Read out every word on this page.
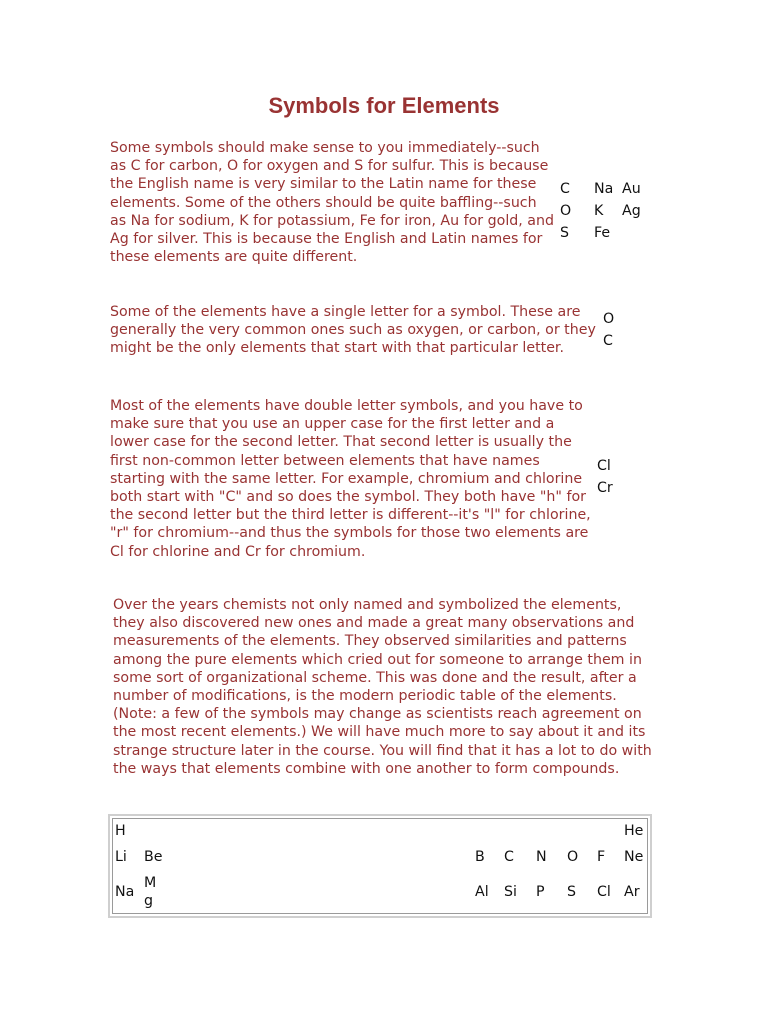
Symbols for Elements

Some symbols should make sense to you immediately--such as C for carbon, O for oxygen and S for sulfur. This is because the English name is very similar to the Latin name for these elements. Some of the others should be quite baffling--such as Na for sodium, K for potassium, Fe for iron, Au for gold, and Ag for silver. This is because the English and Latin names for these elements are quite different.

Some of the elements have a single letter for a symbol. These are generally the very common ones such as oxygen, or carbon, or they might be the only elements that start with that particular letter.

Most of the elements have double letter symbols, and you have to make sure that you use an upper case for the first letter and a lower case for the second letter. That second letter is usually the first non-common letter between elements that have names starting with the same letter. For example, chromium and chlorine both start with "C" and so does the symbol. They both have "h" for the second letter but the third letter is different--it's "l" for chlorine, "r" for chromium--and thus the symbols for those two elements are Cl for chlorine and Cr for chromium.

Over the years chemists not only named and symbolized the elements, they also discovered new ones and made a great many observations and measurements of the elements. They observed similarities and patterns among the pure elements which cried out for someone to arrange them in some sort of organizational scheme. This was done and the result, after a number of modifications, is the modern periodic table of the elements. (Note: a few of the symbols may change as scientists reach agreement on the most recent elements.) We will have much more to say about it and its strange structure later in the course. You will find that it has a lot to do with the ways that elements combine with one another to form compounds.

C
O
S
Na
K
Fe
Au
Ag
O
C
Cl
Cr
H	He
Li Be	B C N O F Ne
Na
M
g
Al Si P S Cl Ar
